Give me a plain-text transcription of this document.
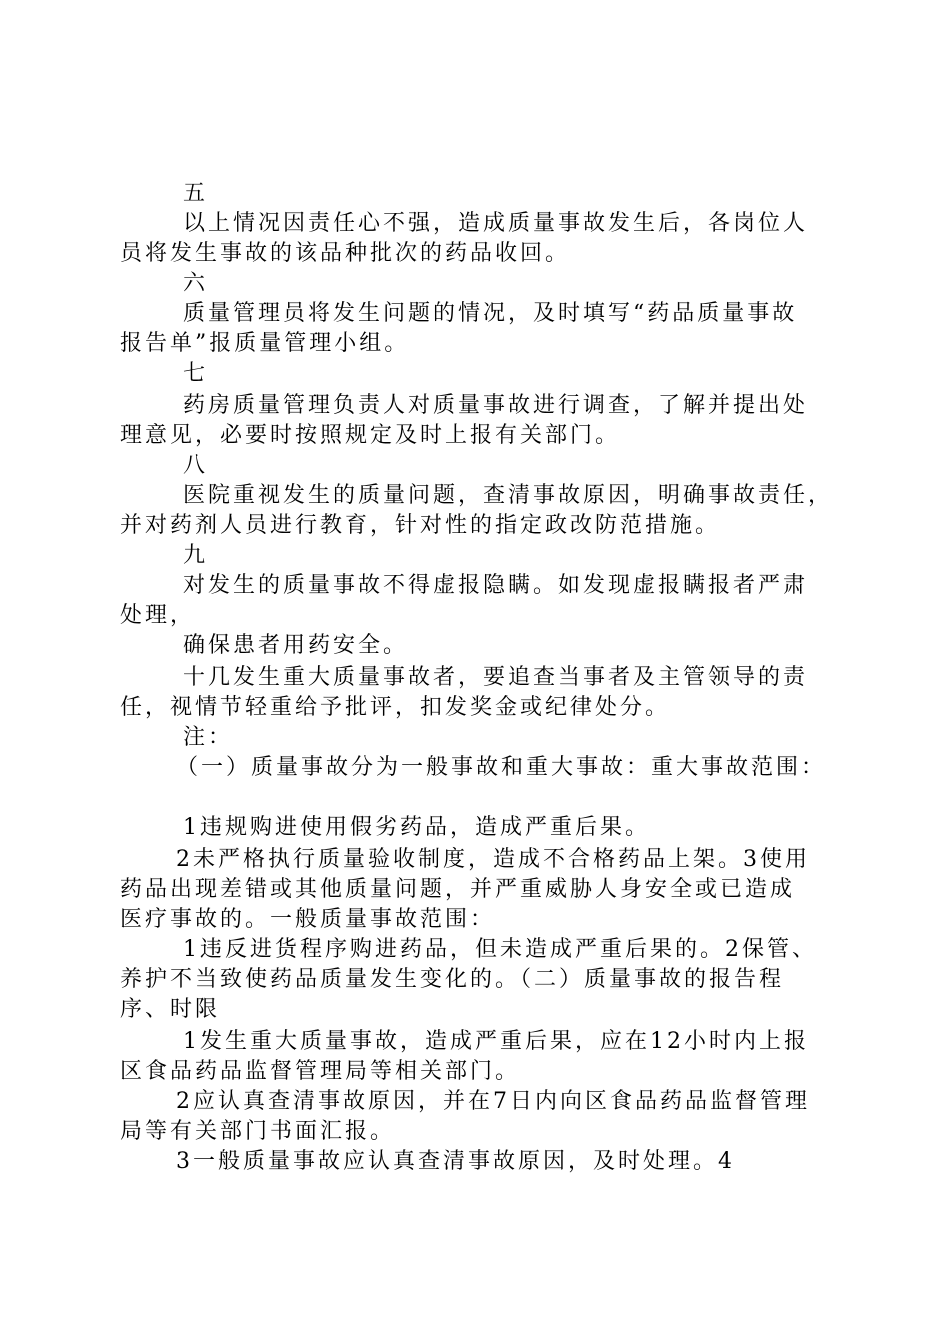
五
以上情况因责任心不强，造成质量事故发生后，各岗位人
员将发生事故的该品种批次的药品收回。
六
质量管理员将发生问题的情况，及时填写“药品质量事故
报告单”报质量管理小组。
七
药房质量管理负责人对质量事故进行调查，了解并提出处
理意见，必要时按照规定及时上报有关部门。
八
医院重视发生的质量问题，查清事故原因，明确事故责任，
并对药剂人员进行教育，针对性的指定政改防范措施。
九
对发生的质量事故不得虚报隐瞒。如发现虚报瞒报者严肃
处理，
确保患者用药安全。
十几发生重大质量事故者，要追查当事者及主管领导的责
任，视情节轻重给予批评，扣发奖金或纪律处分。
注：
（一）质量事故分为一般事故和重大事故：重大事故范围：
1违规购进使用假劣药品，造成严重后果。
2未严格执行质量验收制度，造成不合格药品上架。3使用
药品出现差错或其他质量问题，并严重威胁人身安全或已造成
医疗事故的。一般质量事故范围：
1违反进货程序购进药品，但未造成严重后果的。2保管、
养护不当致使药品质量发生变化的。（二）质量事故的报告程
序、时限
1发生重大质量事故，造成严重后果，应在12小时内上报
区食品药品监督管理局等相关部门。
2应认真查清事故原因，并在7日内向区食品药品监督管理
局等有关部门书面汇报。
3一般质量事故应认真查清事故原因，及时处理。4
